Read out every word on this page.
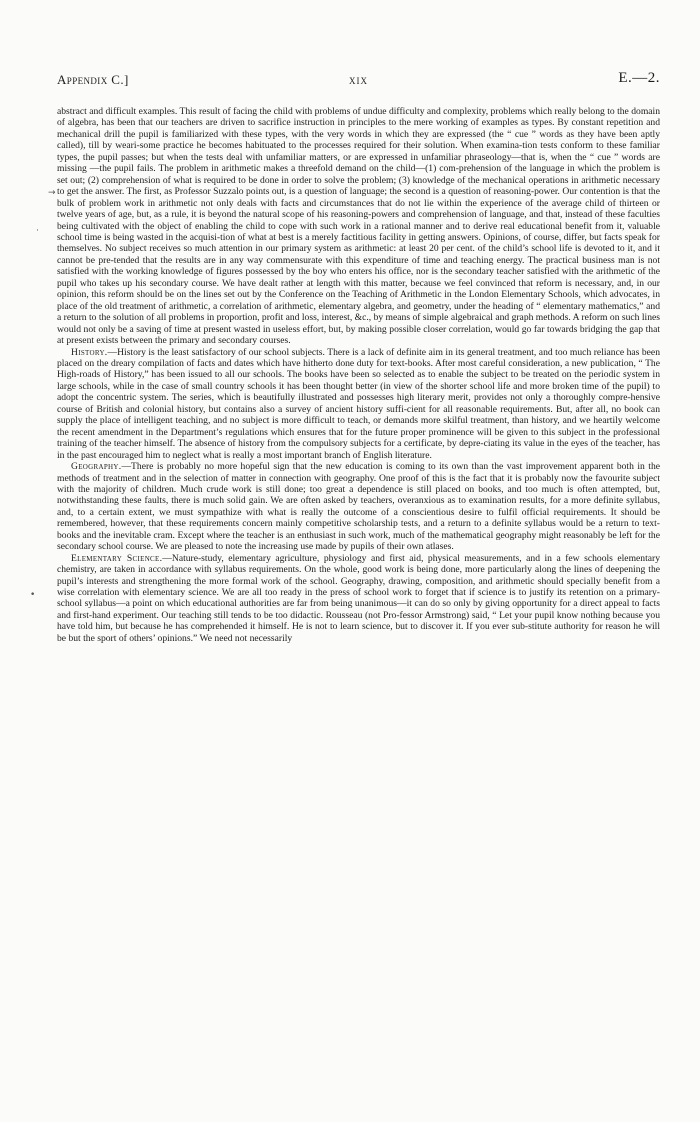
Appendix C.]	xix	E.—2.
→
·
•

abstract and difficult examples. This result of facing the child with problems of undue difficulty and complexity, problems which really belong to the domain of algebra, has been that our teachers are driven to sacrifice instruction in principles to the mere working of examples as types. By constant repetition and mechanical drill the pupil is familiarized with these types, with the very words in which they are expressed (the “ cue ” words as they have been aptly called), till by weari-some practice he becomes habituated to the processes required for their solution. When examina-tion tests conform to these familiar types, the pupil passes; but when the tests deal with unfamiliar matters, or are expressed in unfamiliar phraseology—that is, when the “ cue ” words are missing —the pupil fails. The problem in arithmetic makes a threefold demand on the child—(1) com-prehension of the language in which the problem is set out; (2) comprehension of what is required to be done in order to solve the problem; (3) knowledge of the mechanical operations in arithmetic necessary to get the answer. The first, as Professor Suzzalo points out, is a question of language; the second is a question of reasoning-power. Our contention is that the bulk of problem work in arithmetic not only deals with facts and circumstances that do not lie within the experience of the average child of thirteen or twelve years of age, but, as a rule, it is beyond the natural scope of his reasoning-powers and comprehension of language, and that, instead of these faculties being cultivated with the object of enabling the child to cope with such work in a rational manner and to derive real educational benefit from it, valuable school time is being wasted in the acquisi-tion of what at best is a merely factitious facility in getting answers. Opinions, of course, differ, but facts speak for themselves. No subject receives so much attention in our primary system as arithmetic: at least 20 per cent. of the child’s school life is devoted to it, and it cannot be pre-tended that the results are in any way commensurate with this expenditure of time and teaching energy. The practical business man is not satisfied with the working knowledge of figures possessed by the boy who enters his office, nor is the secondary teacher satisfied with the arithmetic of the pupil who takes up his secondary course. We have dealt rather at length with this matter, because we feel convinced that reform is necessary, and, in our opinion, this reform should be on the lines set out by the Conference on the Teaching of Arithmetic in the London Elementary Schools, which advocates, in place of the old treatment of arithmetic, a correlation of arithmetic, elementary algebra, and geometry, under the heading of “ elementary mathematics,” and a return to the solution of all problems in proportion, profit and loss, interest, &c., by means of simple algebraical and graph methods. A reform on such lines would not only be a saving of time at present wasted in useless effort, but, by making possible closer correlation, would go far towards bridging the gap that at present exists between the primary and secondary courses.

History.—History is the least satisfactory of our school subjects. There is a lack of definite aim in its general treatment, and too much reliance has been placed on the dreary compilation of facts and dates which have hitherto done duty for text-books. After most careful consideration, a new publication, “ The High-roads of History,” has been issued to all our schools. The books have been so selected as to enable the subject to be treated on the periodic system in large schools, while in the case of small country schools it has been thought better (in view of the shorter school life and more broken time of the pupil) to adopt the concentric system. The series, which is beautifully illustrated and possesses high literary merit, provides not only a thoroughly compre-hensive course of British and colonial history, but contains also a survey of ancient history suffi-cient for all reasonable requirements. But, after all, no book can supply the place of intelligent teaching, and no subject is more difficult to teach, or demands more skilful treatment, than history, and we heartily welcome the recent amendment in the Department’s regulations which ensures that for the future proper prominence will be given to this subject in the professional training of the teacher himself. The absence of history from the compulsory subjects for a certificate, by depre-ciating its value in the eyes of the teacher, has in the past encouraged him to neglect what is really a most important branch of English literature.

Geography.—There is probably no more hopeful sign that the new education is coming to its own than the vast improvement apparent both in the methods of treatment and in the selection of matter in connection with geography. One proof of this is the fact that it is probably now the favourite subject with the majority of children. Much crude work is still done; too great a dependence is still placed on books, and too much is often attempted, but, notwithstanding these faults, there is much solid gain. We are often asked by teachers, overanxious as to examination results, for a more definite syllabus, and, to a certain extent, we must sympathize with what is really the outcome of a conscientious desire to fulfil official requirements. It should be remembered, however, that these requirements concern mainly competitive scholarship tests, and a return to a definite syllabus would be a return to text-books and the inevitable cram. Except where the teacher is an enthusiast in such work, much of the mathematical geography might reasonably be left for the secondary school course. We are pleased to note the increasing use made by pupils of their own atlases.

Elementary Science.—Nature-study, elementary agriculture, physiology and first aid, physical measurements, and in a few schools elementary chemistry, are taken in accordance with syllabus requirements. On the whole, good work is being done, more particularly along the lines of deepening the pupil’s interests and strengthening the more formal work of the school. Geography, drawing, composition, and arithmetic should specially benefit from a wise correlation with elementary science. We are all too ready in the press of school work to forget that if science is to justify its retention on a primary-school syllabus—a point on which educational authorities are far from being unanimous—it can do so only by giving opportunity for a direct appeal to facts and first-hand experiment. Our teaching still tends to be too didactic. Rousseau (not Pro-fessor Armstrong) said, “ Let your pupil know nothing because you have told him, but because he has comprehended it himself. He is not to learn science, but to discover it. If you ever sub-stitute authority for reason he will be but the sport of others’ opinions.” We need not necessarily
